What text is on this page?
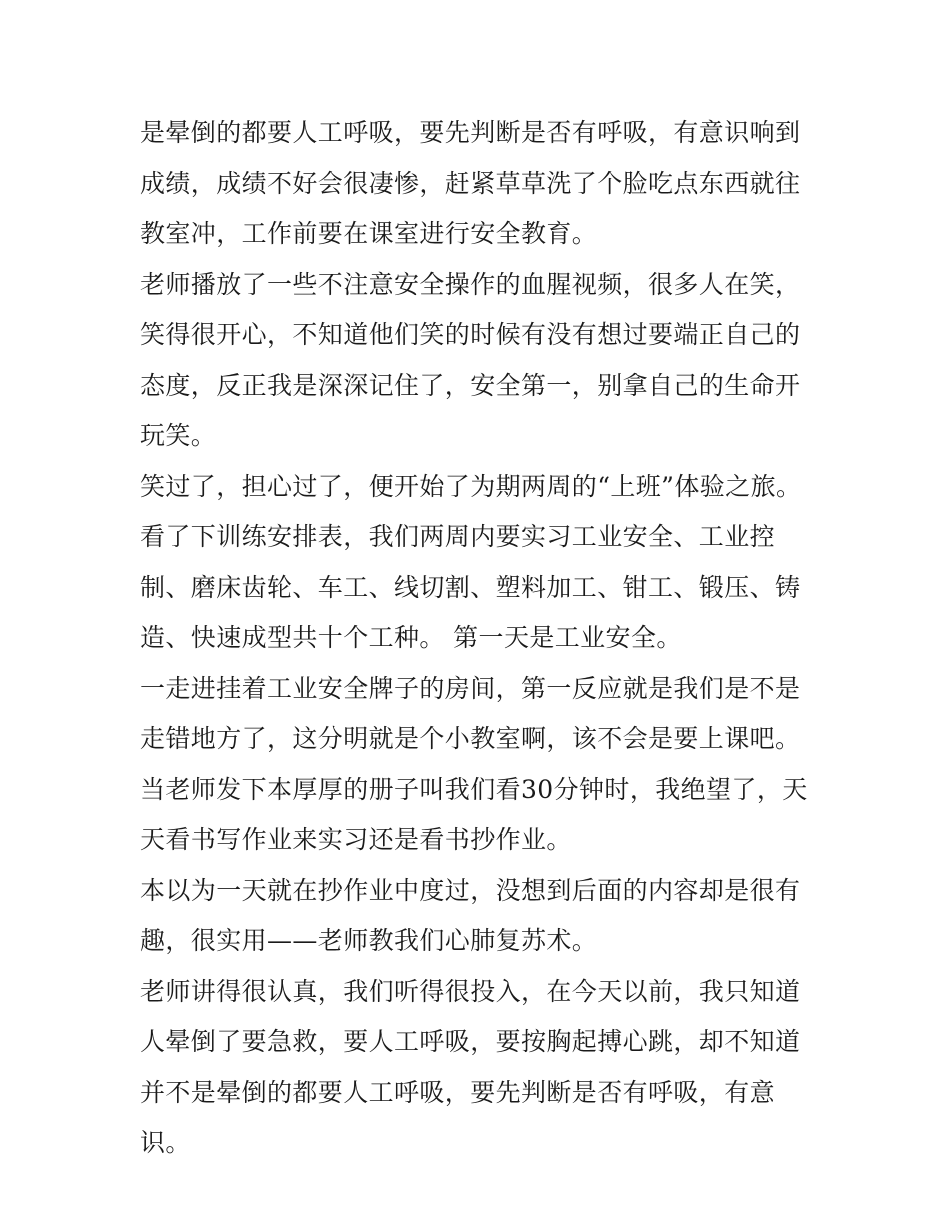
是晕倒的都要人工呼吸，要先判断是否有呼吸，有意识响到成绩，成绩不好会很凄惨，赶紧草草洗了个脸吃点东西就往教室冲，工作前要在课室进行安全教育。

老师播放了一些不注意安全操作的血腥视频，很多人在笑，笑得很开心，不知道他们笑的时候有没有想过要端正自己的态度，反正我是深深记住了，安全第一，别拿自己的生命开玩笑。

笑过了，担心过了，便开始了为期两周的“上班”体验之旅。

看了下训练安排表，我们两周内要实习工业安全、工业控制、磨床齿轮、车工、线切割、塑料加工、钳工、锻压、铸造、快速成型共十个工种。 第一天是工业安全。

一走进挂着工业安全牌子的房间，第一反应就是我们是不是走错地方了，这分明就是个小教室啊，该不会是要上课吧。

当老师发下本厚厚的册子叫我们看30分钟时，我绝望了，天天看书写作业来实习还是看书抄作业。

本以为一天就在抄作业中度过，没想到后面的内容却是很有趣，很实用——老师教我们心肺复苏术。

老师讲得很认真，我们听得很投入，在今天以前，我只知道人晕倒了要急救，要人工呼吸，要按胸起搏心跳，却不知道并不是晕倒的都要人工呼吸，要先判断是否有呼吸，有意识。
